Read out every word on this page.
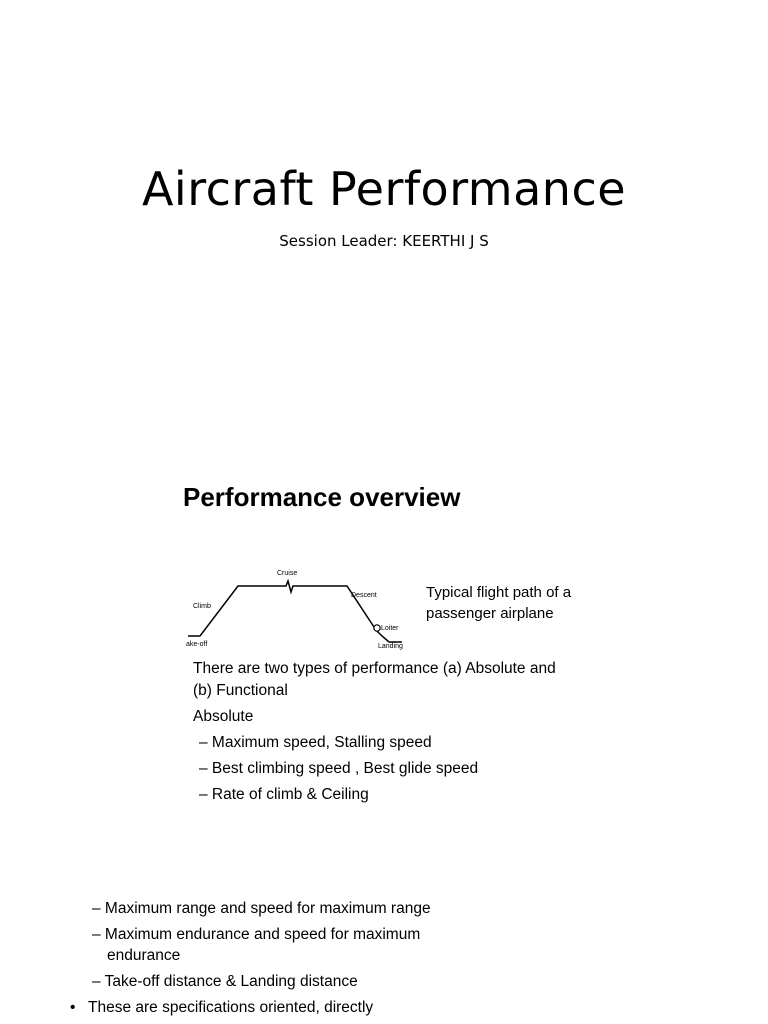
Aircraft Performance
Session Leader: KEERTHI J S
Performance overview
Cruise
Climb
ake-off
Descent
Loiter
Landing
Typical flight path of a
passenger airplane
There are two types of performance (a) Absolute and
(b) Functional
Absolute
– Maximum speed, Stalling speed
– Best climbing speed , Best glide speed
– Rate of climb & Ceiling
– Maximum range and speed for maximum range
– Maximum endurance and speed for maximum
endurance
– Take-off distance & Landing distance
• These are specifications oriented, directly
